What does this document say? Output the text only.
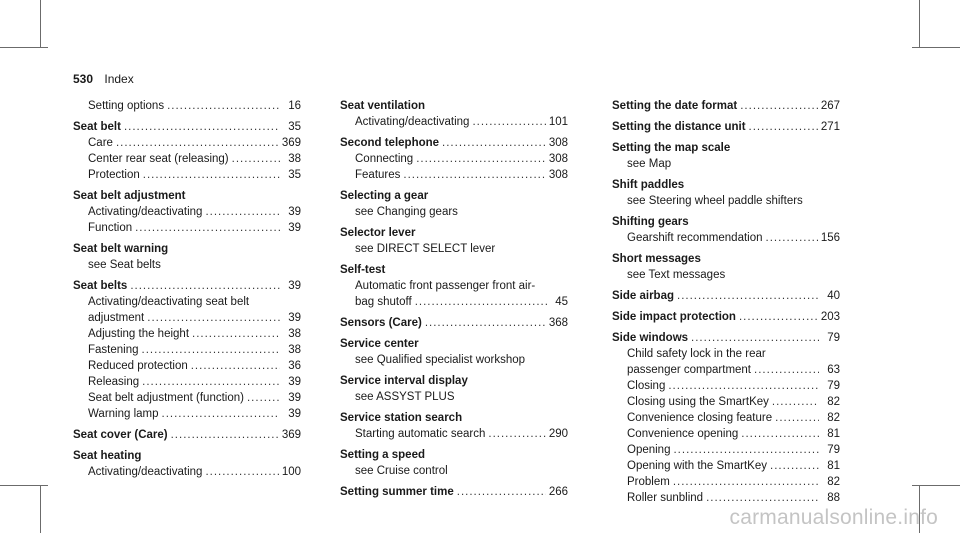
530 Index
Setting options .....	16
Seat belt .....	35
Care .....	369
Center rear seat (releasing) .....	38
Protection .....	35
Seat belt adjustment
Activating/deactivating .....	39
Function .....	39
Seat belt warning
see Seat belts
Seat belts .....	39
Activating/deactivating seat belt
adjustment .....	39
Adjusting the height .....	38
Fastening .....	38
Reduced protection .....	36
Releasing .....	39
Seat belt adjustment (function) .....	39
Warning lamp .....	39
Seat cover (Care) .....	369
Seat heating
Activating/deactivating .....	100
Seat ventilation
Activating/deactivating .....	101
Second telephone .....	308
Connecting .....	308
Features .....	308
Selecting a gear
see Changing gears
Selector lever
see DIRECT SELECT lever
Self-test
Automatic front passenger front air-
bag shutoff .....	45
Sensors (Care) .....	368
Service center
see Qualified specialist workshop
Service interval display
see ASSYST PLUS
Service station search
Starting automatic search .....	290
Setting a speed
see Cruise control
Setting summer time .....	266
Setting the date format .....	267
Setting the distance unit .....	271
Setting the map scale
see Map
Shift paddles
see Steering wheel paddle shifters
Shifting gears
Gearshift recommendation .....	156
Short messages
see Text messages
Side airbag .....	40
Side impact protection .....	203
Side windows .....	79
Child safety lock in the rear
passenger compartment .....	63
Closing .....	79
Closing using the SmartKey .....	82
Convenience closing feature .....	82
Convenience opening .....	81
Opening .....	79
Opening with the SmartKey .....	81
Problem .....	82
Roller sunblind .....	88
carmanualsonline.info
